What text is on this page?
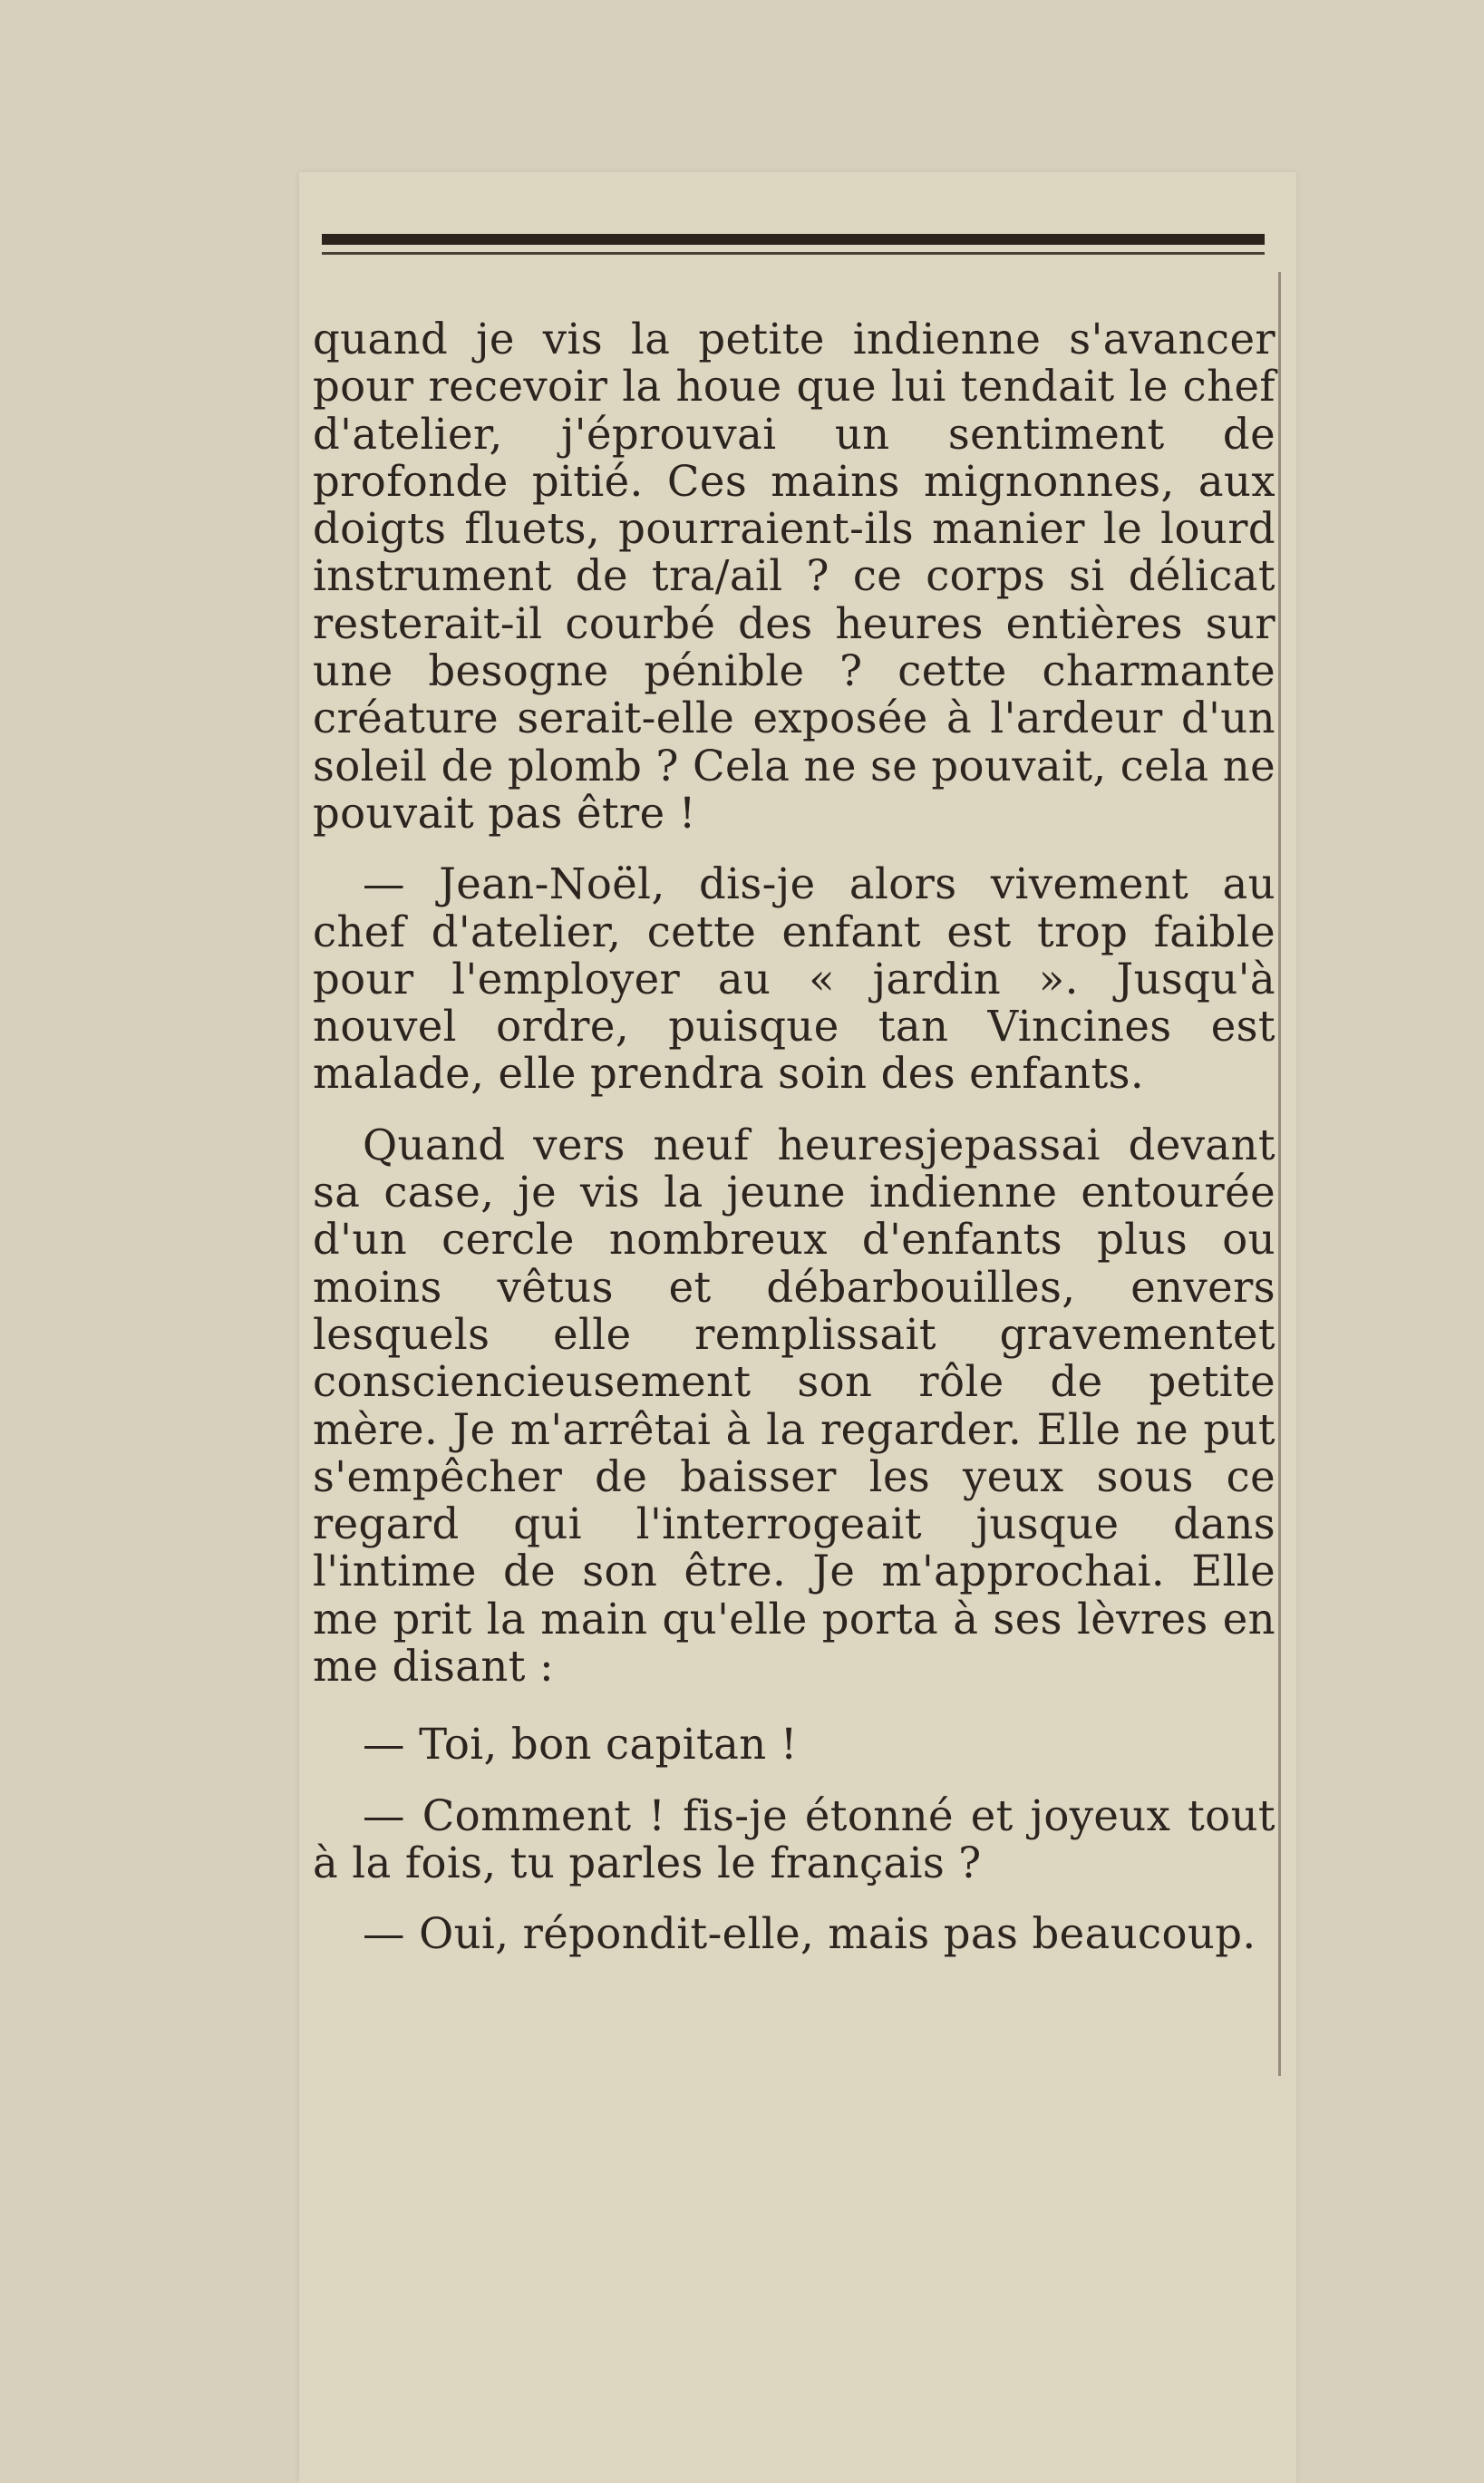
quand je vis la petite indienne s'avancer pour recevoir la houe que lui tendait le chef d'atelier, j'éprouvai un sentiment de profonde pitié. Ces mains mignonnes, aux doigts fluets, pourraient-ils manier le lourd instrument de tra/ail ? ce corps si délicat resterait-il courbé des heures entières sur une besogne pénible ? cette charmante créature serait-elle exposée à l'ardeur d'un soleil de plomb ? Cela ne se pouvait, cela ne pouvait pas être !

— Jean-Noël, dis-je alors vivement au chef d'atelier, cette enfant est trop faible pour l'employer au « jardin ». Jusqu'à nouvel ordre, puisque tan Vincines est malade, elle prendra soin des enfants.

Quand vers neuf heuresjepassai devant sa case, je vis la jeune indienne entourée d'un cercle nombreux d'enfants plus ou moins vêtus et débarbouilles, envers lesquels elle remplissait gravementet consciencieusement son rôle de petite mère. Je m'arrêtai à la regarder. Elle ne put s'empêcher de baisser les yeux sous ce regard qui l'interrogeait jusque dans l'intime de son être. Je m'approchai. Elle me prit la main qu'elle porta à ses lèvres en me disant :

— Toi, bon capitan !

— Comment ! fis-je étonné et joyeux tout à la fois, tu parles le français ?

— Oui, répondit-elle, mais pas beaucoup.
